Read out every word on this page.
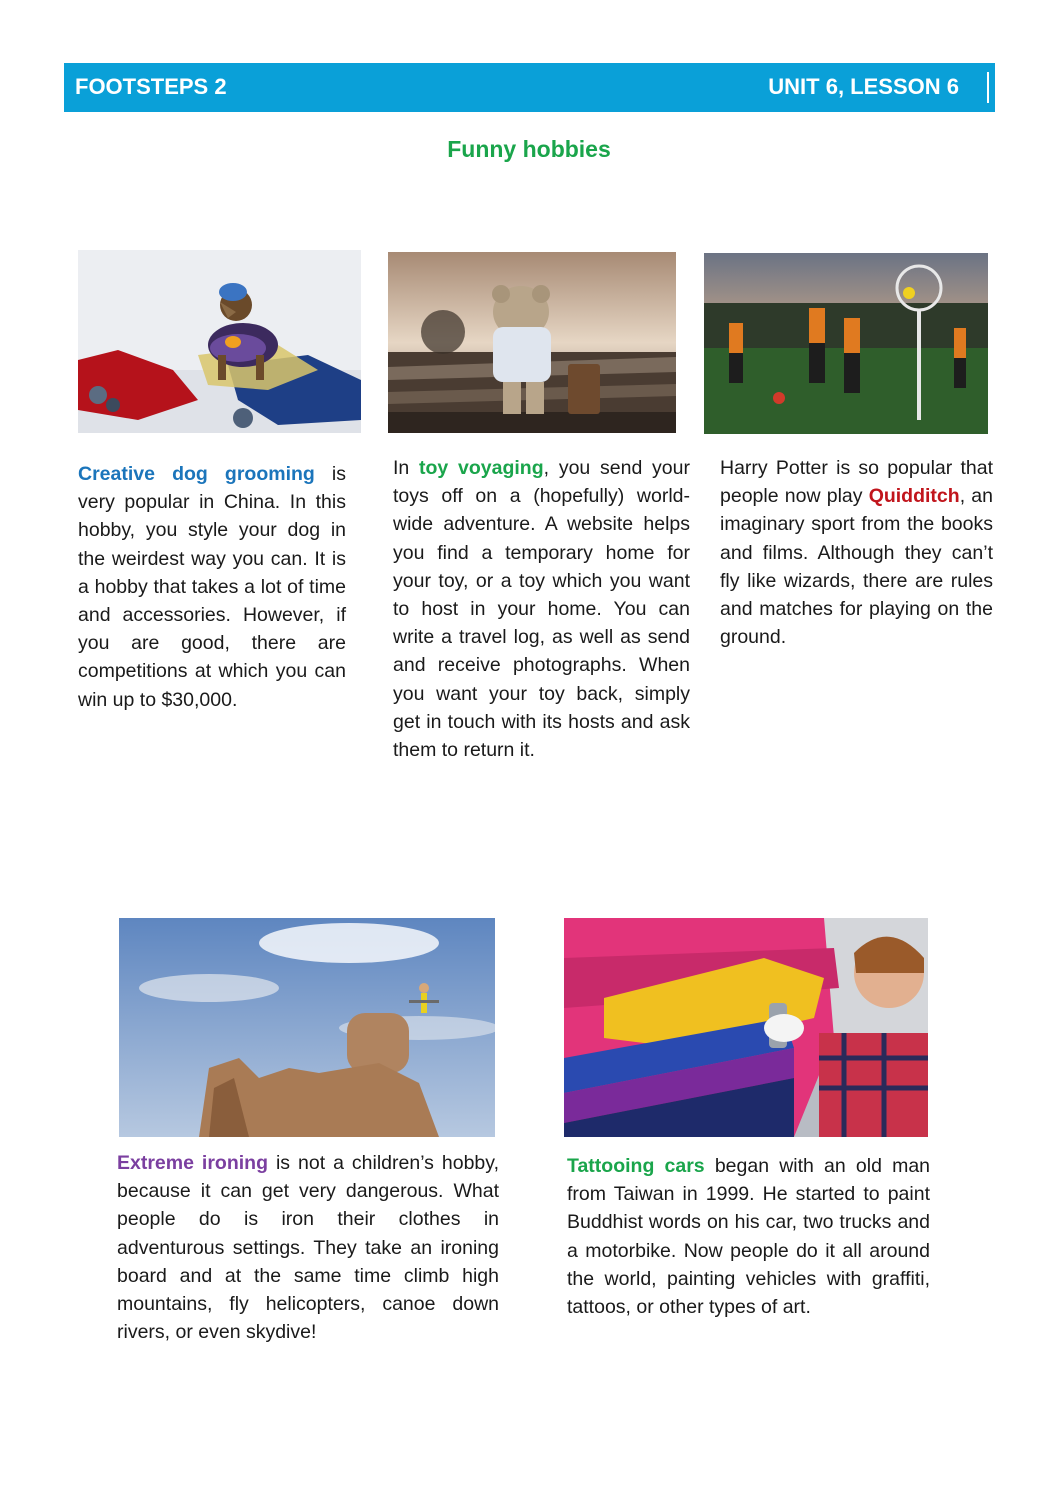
FOOTSTEPS 2	UNIT 6, LESSON 6
Funny hobbies
Creative dog grooming is very popular in China. In this hobby, you style your dog in the weirdest way you can. It is a hobby that takes a lot of time and accessories. However, if you are good, there are competitions at which you can win up to $30,000.
In toy voyaging, you send your toys off on a (hopefully) world-wide adventure. A website helps you find a temporary home for your toy, or a toy which you want to host in your home. You can write a travel log, as well as send and receive photographs. When you want your toy back, simply get in touch with its hosts and ask them to return it.
Harry Potter is so popular that people now play Quidditch, an imaginary sport from the books and films. Although they can’t fly like wizards, there are rules and matches for playing on the ground.
Extreme ironing is not a children’s hobby, because it can get very dangerous. What people do is iron their clothes in adventurous settings. They take an ironing board and at the same time climb high mountains, fly helicopters, canoe down rivers, or even skydive!
Tattooing cars began with an old man from Taiwan in 1999. He started to paint Buddhist words on his car, two trucks and a motorbike. Now people do it all around the world, painting vehicles with graffiti, tattoos, or other types of art.
